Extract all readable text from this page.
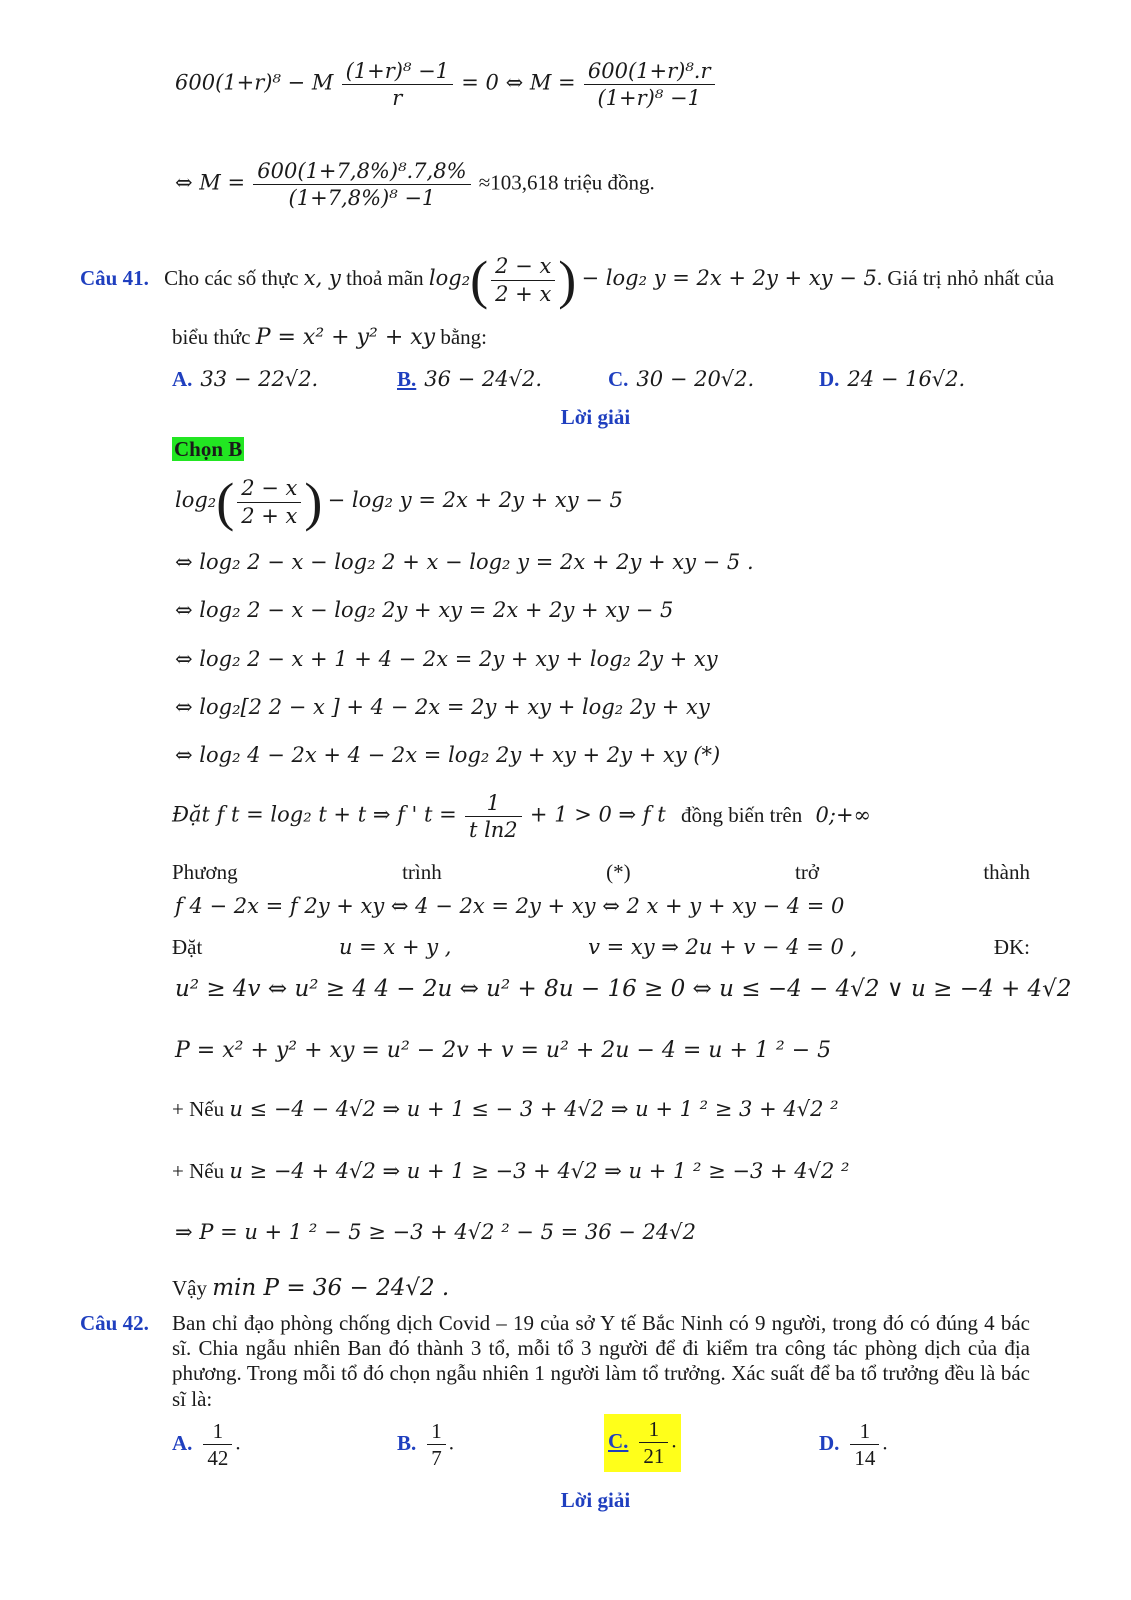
600(1+r)⁸ − M $\frac{\text{(1+r)⁸ −1}}{r} = 0$ ⇔ $M = \frac{\text{600(1+r)⁸.r}}{\text{(1+r)⁸ −1}}$
⇔ $M = \frac{\text{600(1+7,8\%)⁸.7,8\%}}{\text{(1+7,8\%)⁸ −1}} \approx 103,618$ triệu đồng.
Câu 41. Cho các số thực x, y thoả mãn $\log_2( \frac{2 - x}{2 + x}$ ) − log₂ y = 2x + 2y + xy − 5. Giá trị nhỏ nhất của
biểu thức P = x² + y² + xy bằng:
A. 33 − 22√2.	B. 36 − 24√2.	C. 30 − 20√2.	D. 24 − 16√2.
Lời giải
Chọn B
$\log_2( \frac{2 - x}{2 + x}$ ) − log₂ y = 2x + 2y + xy − 5
⇔ log₂ 2 − x − log₂ 2 + x − log₂ y = 2x + 2y + xy − 5 .
⇔ log₂ 2 − x − log₂ 2y + xy = 2x + 2y + xy − 5
⇔ log₂ 2 − x + 1 + 4 − 2x = 2y + xy + log₂ 2y + xy
⇔ log₂[2 2 − x ] + 4 − 2x = 2y + xy + log₂ 2y + xy
⇔ log₂ 4 − 2x + 4 − 2x = log₂ 2y + xy + 2y + xy (*)
Đặt f t = log₂ t + t ⇒ f ' $t = \frac{1}{\text{t ln2}} + 1 > 0$ ⇒ f t đồng biến trên 0;+∞
Phương	trình	(*)	trở	thành
f 4 − 2x = f 2y + xy ⇔ 4 − 2x = 2y + xy ⇔ 2 x + y + xy − 4 = 0
Đặt	u = x + y ,	v = xy ⇒ 2u + v − 4 = 0 ,	ĐK:
u² ≥ 4v ⇔ u² ≥ 4 4 − 2u ⇔ u² + 8u − 16 ≥ 0 ⇔ u ≤ −4 − 4√2 ∨ u ≥ −4 + 4√2
P = x² + y² + xy = u² − 2v + v = u² + 2u − 4 = u + 1 ² − 5
+ Nếu u ≤ −4 − 4√2 ⇒ u + 1 ≤ − 3 + 4√2 ⇒ u + 1 ² ≥ 3 + 4√2 ²
+ Nếu u ≥ −4 + 4√2 ⇒ u + 1 ≥ −3 + 4√2 ⇒ u + 1 ² ≥ −3 + 4√2 ²
⇒ P = u + 1 ² − 5 ≥ −3 + 4√2 ² − 5 = 36 − 24√2
Vậy min P = 36 − 24√2 .
Câu 42. Ban chỉ đạo phòng chống dịch Covid – 19 của sở Y tế Bắc Ninh có 9 người, trong đó có đúng 4 bác sĩ. Chia ngẫu nhiên Ban đó thành 3 tổ, mỗi tổ 3 người để đi kiểm tra công tác phòng dịch của địa phương. Trong mỗi tổ đó chọn ngẫu nhiên 1 người làm tổ trưởng. Xác suất để ba tổ trưởng đều là bác sĩ là:
A. $\frac{1}{42}$ .	B. $\frac{1}{7}$ .	C. $\frac{1}{21}$ .	D. $\frac{1}{14}$ .
Lời giải
